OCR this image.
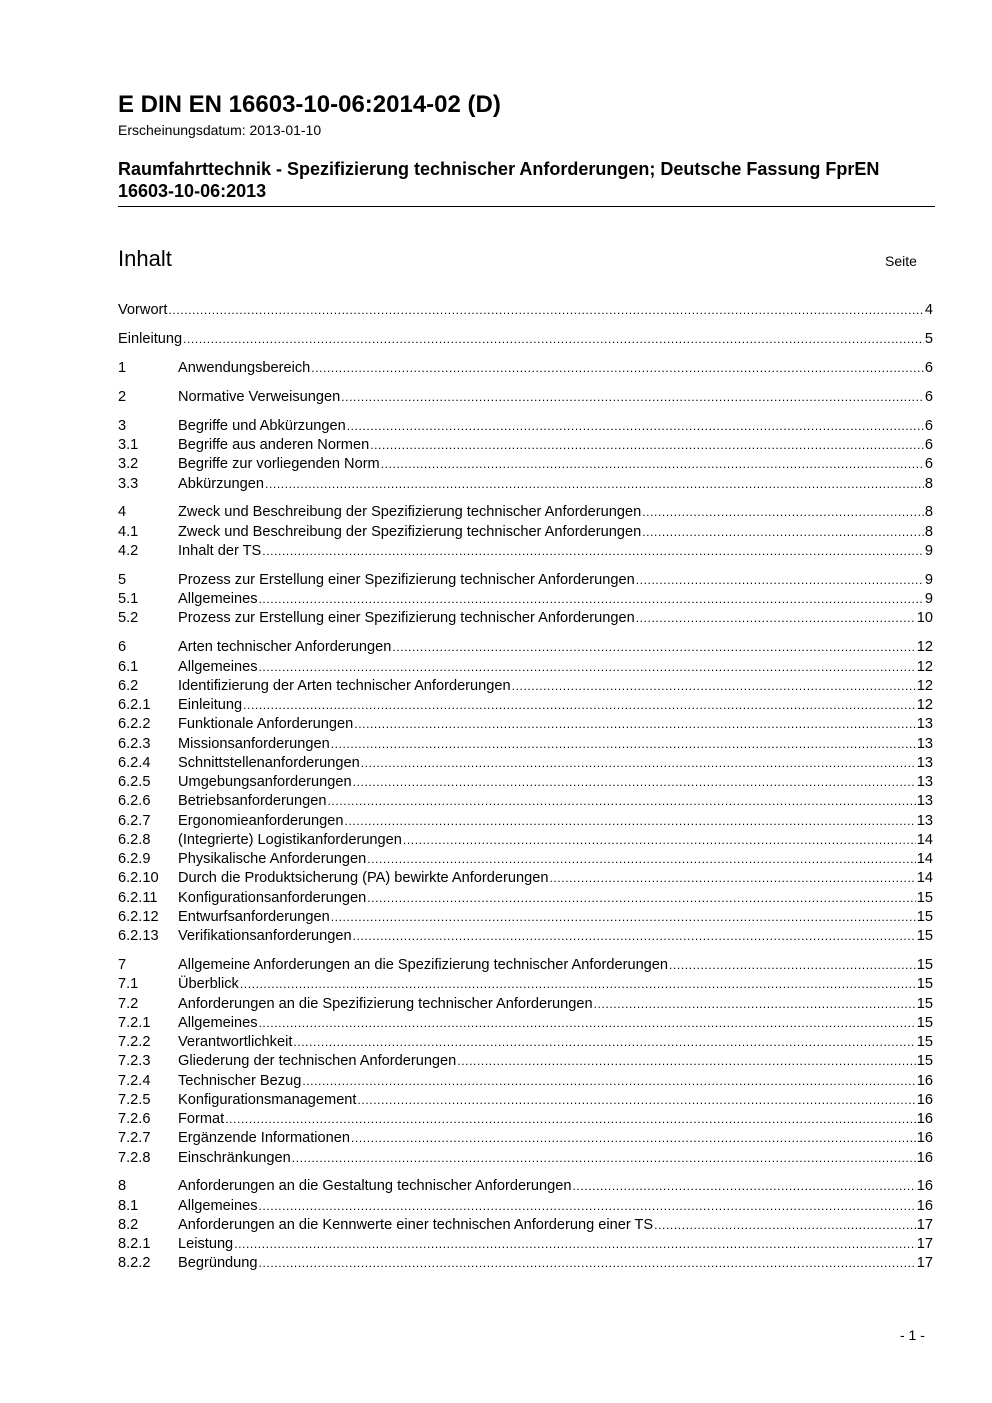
E DIN EN 16603-10-06:2014-02 (D)
Erscheinungsdatum: 2013-01-10
Raumfahrttechnik - Spezifizierung technischer Anforderungen; Deutsche Fassung FprEN 16603-10-06:2013
Inhalt	Seite
Vorwort .....	4
Einleitung .....	5
1	Anwendungsbereich .....	6
2	Normative Verweisungen .....	6
3	Begriffe und Abkürzungen .....	6
3.1	Begriffe aus anderen Normen .....	6
3.2	Begriffe zur vorliegenden Norm .....	6
3.3	Abkürzungen .....	8
4	Zweck und Beschreibung der Spezifizierung technischer Anforderungen .....	8
4.1	Zweck und Beschreibung der Spezifizierung technischer Anforderungen .....	8
4.2	Inhalt der TS .....	9
5	Prozess zur Erstellung einer Spezifizierung technischer Anforderungen .....	9
5.1	Allgemeines .....	9
5.2	Prozess zur Erstellung einer Spezifizierung technischer Anforderungen .....	10
6	Arten technischer Anforderungen .....	12
6.1	Allgemeines .....	12
6.2	Identifizierung der Arten technischer Anforderungen .....	12
6.2.1	Einleitung .....	12
6.2.2	Funktionale Anforderungen .....	13
6.2.3	Missionsanforderungen .....	13
6.2.4	Schnittstellenanforderungen .....	13
6.2.5	Umgebungsanforderungen .....	13
6.2.6	Betriebsanforderungen .....	13
6.2.7	Ergonomieanforderungen .....	13
6.2.8	(Integrierte) Logistikanforderungen .....	14
6.2.9	Physikalische Anforderungen .....	14
6.2.10	Durch die Produktsicherung (PA) bewirkte Anforderungen .....	14
6.2.11	Konfigurationsanforderungen .....	15
6.2.12	Entwurfsanforderungen .....	15
6.2.13	Verifikationsanforderungen .....	15
7	Allgemeine Anforderungen an die Spezifizierung technischer Anforderungen .....	15
7.1	Überblick .....	15
7.2	Anforderungen an die Spezifizierung technischer Anforderungen .....	15
7.2.1	Allgemeines .....	15
7.2.2	Verantwortlichkeit .....	15
7.2.3	Gliederung der technischen Anforderungen .....	15
7.2.4	Technischer Bezug .....	16
7.2.5	Konfigurationsmanagement .....	16
7.2.6	Format .....	16
7.2.7	Ergänzende Informationen .....	16
7.2.8	Einschränkungen .....	16
8	Anforderungen an die Gestaltung technischer Anforderungen .....	16
8.1	Allgemeines .....	16
8.2	Anforderungen an die Kennwerte einer technischen Anforderung einer TS .....	17
8.2.1	Leistung .....	17
8.2.2	Begründung .....	17
- 1 -
